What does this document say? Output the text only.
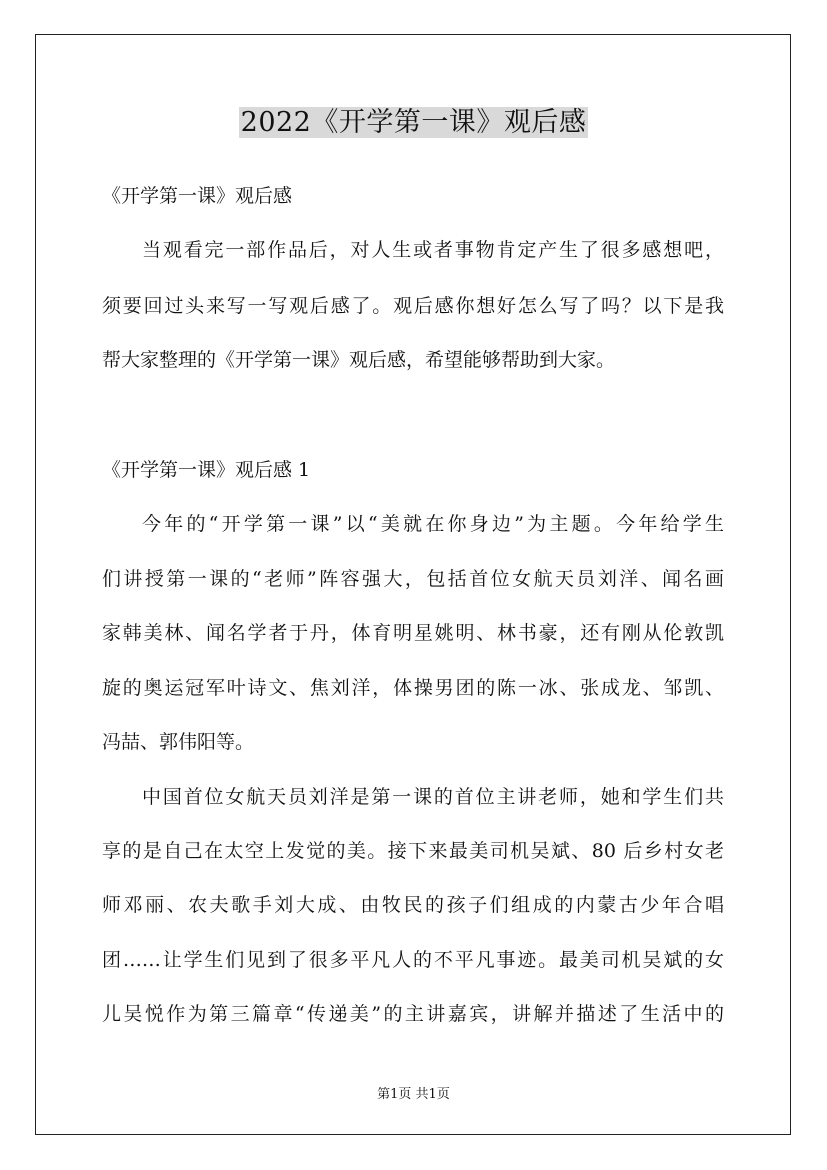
2022《开学第一课》观后感
《开学第一课》观后感
当观看完一部作品后，对人生或者事物肯定产生了很多感想吧，
须要回过头来写一写观后感了。观后感你想好怎么写了吗？以下是我
帮大家整理的《开学第一课》观后感，希望能够帮助到大家。
《开学第一课》观后感 1
今年的“开学第一课”以“美就在你身边”为主题。今年给学生
们讲授第一课的“老师”阵容强大，包括首位女航天员刘洋、闻名画
家韩美林、闻名学者于丹，体育明星姚明、林书豪，还有刚从伦敦凯
旋的奥运冠军叶诗文、焦刘洋，体操男团的陈一冰、张成龙、邹凯、
冯喆、郭伟阳等。
中国首位女航天员刘洋是第一课的首位主讲老师，她和学生们共
享的是自己在太空上发觉的美。接下来最美司机吴斌、80 后乡村女老
师邓丽、农夫歌手刘大成、由牧民的孩子们组成的内蒙古少年合唱
团……让学生们见到了很多平凡人的不平凡事迹。最美司机吴斌的女
儿吴悦作为第三篇章“传递美”的主讲嘉宾，讲解并描述了生活中的
第1页 共1页
